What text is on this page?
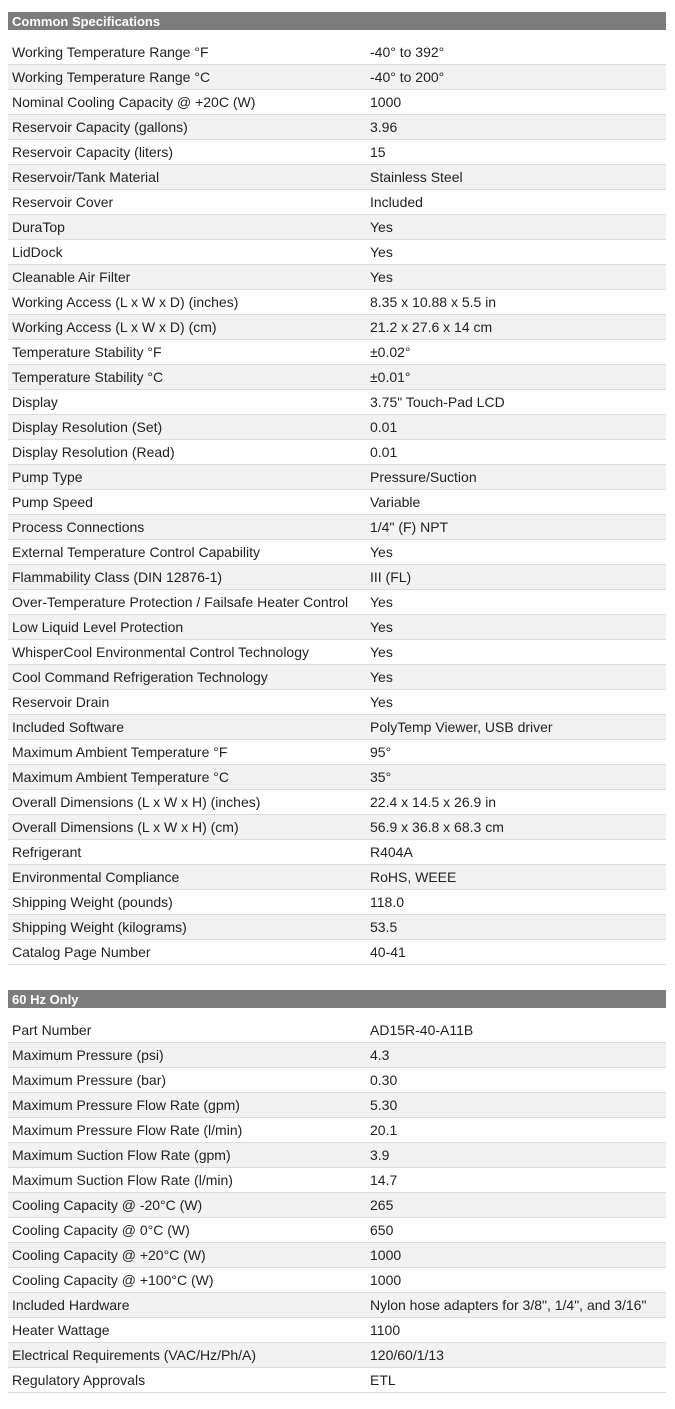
Common Specifications
Working Temperature Range °F	-40° to 392°
Working Temperature Range °C	-40° to 200°
Nominal Cooling Capacity @ +20C (W)	1000
Reservoir Capacity (gallons)	3.96
Reservoir Capacity (liters)	15
Reservoir/Tank Material	Stainless Steel
Reservoir Cover	Included
DuraTop	Yes
LidDock	Yes
Cleanable Air Filter	Yes
Working Access (L x W x D) (inches)	8.35 x 10.88 x 5.5 in
Working Access (L x W x D) (cm)	21.2 x 27.6 x 14 cm
Temperature Stability °F	±0.02°
Temperature Stability °C	±0.01°
Display	3.75" Touch-Pad LCD
Display Resolution (Set)	0.01
Display Resolution (Read)	0.01
Pump Type	Pressure/Suction
Pump Speed	Variable
Process Connections	1/4" (F) NPT
External Temperature Control Capability	Yes
Flammability Class (DIN 12876-1)	III (FL)
Over-Temperature Protection / Failsafe Heater Control	Yes
Low Liquid Level Protection	Yes
WhisperCool Environmental Control Technology	Yes
Cool Command Refrigeration Technology	Yes
Reservoir Drain	Yes
Included Software	PolyTemp Viewer, USB driver
Maximum Ambient Temperature °F	95°
Maximum Ambient Temperature °C	35°
Overall Dimensions (L x W x H) (inches)	22.4 x 14.5 x 26.9 in
Overall Dimensions (L x W x H) (cm)	56.9 x 36.8 x 68.3 cm
Refrigerant	R404A
Environmental Compliance	RoHS, WEEE
Shipping Weight (pounds)	118.0
Shipping Weight (kilograms)	53.5
Catalog Page Number	40-41
60 Hz Only
Part Number	AD15R-40-A11B
Maximum Pressure (psi)	4.3
Maximum Pressure (bar)	0.30
Maximum Pressure Flow Rate (gpm)	5.30
Maximum Pressure Flow Rate (l/min)	20.1
Maximum Suction Flow Rate (gpm)	3.9
Maximum Suction Flow Rate (l/min)	14.7
Cooling Capacity @ -20°C (W)	265
Cooling Capacity @ 0°C (W)	650
Cooling Capacity @ +20°C (W)	1000
Cooling Capacity @ +100°C (W)	1000
Included Hardware	Nylon hose adapters for 3/8", 1/4", and 3/16"
Heater Wattage	1100
Electrical Requirements (VAC/Hz/Ph/A)	120/60/1/13
Regulatory Approvals	ETL
